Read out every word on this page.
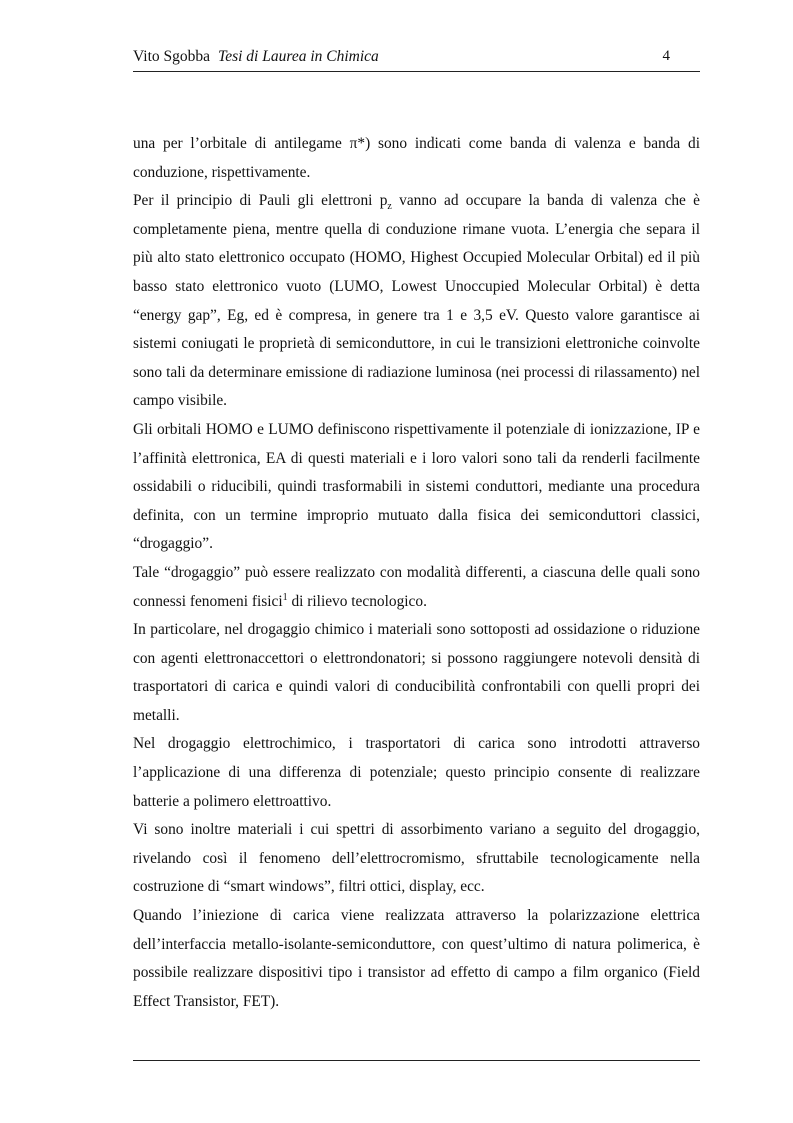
Vito Sgobba Tesi di Laurea in Chimica	4

una per l’orbitale di antilegame π*) sono indicati come banda di valenza e banda di conduzione, rispettivamente.

Per il principio di Pauli gli elettroni $p_z$ vanno ad occupare la banda di valenza che è completamente piena, mentre quella di conduzione rimane vuota. L’energia che separa il più alto stato elettronico occupato (HOMO, Highest Occupied Molecular Orbital) ed il più basso stato elettronico vuoto (LUMO, Lowest Unoccupied Molecular Orbital) è detta “energy gap”, Eg, ed è compresa, in genere tra 1 e 3,5 eV. Questo valore garantisce ai sistemi coniugati le proprietà di semiconduttore, in cui le transizioni elettroniche coinvolte sono tali da determinare emissione di radiazione luminosa (nei processi di rilassamento) nel campo visibile.

Gli orbitali HOMO e LUMO definiscono rispettivamente il potenziale di ionizzazione, IP e l’affinità elettronica, EA di questi materiali e i loro valori sono tali da renderli facilmente ossidabili o riducibili, quindi trasformabili in sistemi conduttori, mediante una procedura definita, con un termine improprio mutuato dalla fisica dei semiconduttori classici, “drogaggio”.

Tale “drogaggio” può essere realizzato con modalità differenti, a ciascuna delle quali sono connessi fenomeni fisici$^1$ di rilievo tecnologico.

In particolare, nel drogaggio chimico i materiali sono sottoposti ad ossidazione o riduzione con agenti elettronaccettori o elettrondonatori; si possono raggiungere notevoli densità di trasportatori di carica e quindi valori di conducibilità confrontabili con quelli propri dei metalli.

Nel drogaggio elettrochimico, i trasportatori di carica sono introdotti attraverso l’applicazione di una differenza di potenziale; questo principio consente di realizzare batterie a polimero elettroattivo.

Vi sono inoltre materiali i cui spettri di assorbimento variano a seguito del drogaggio, rivelando così il fenomeno dell’elettrocromismo, sfruttabile tecnologicamente nella costruzione di “smart windows”, filtri ottici, display, ecc.

Quando l’iniezione di carica viene realizzata attraverso la polarizzazione elettrica dell’interfaccia metallo-isolante-semiconduttore, con quest’ultimo di natura polimerica, è possibile realizzare dispositivi tipo i transistor ad effetto di campo a film organico (Field Effect Transistor, FET).
